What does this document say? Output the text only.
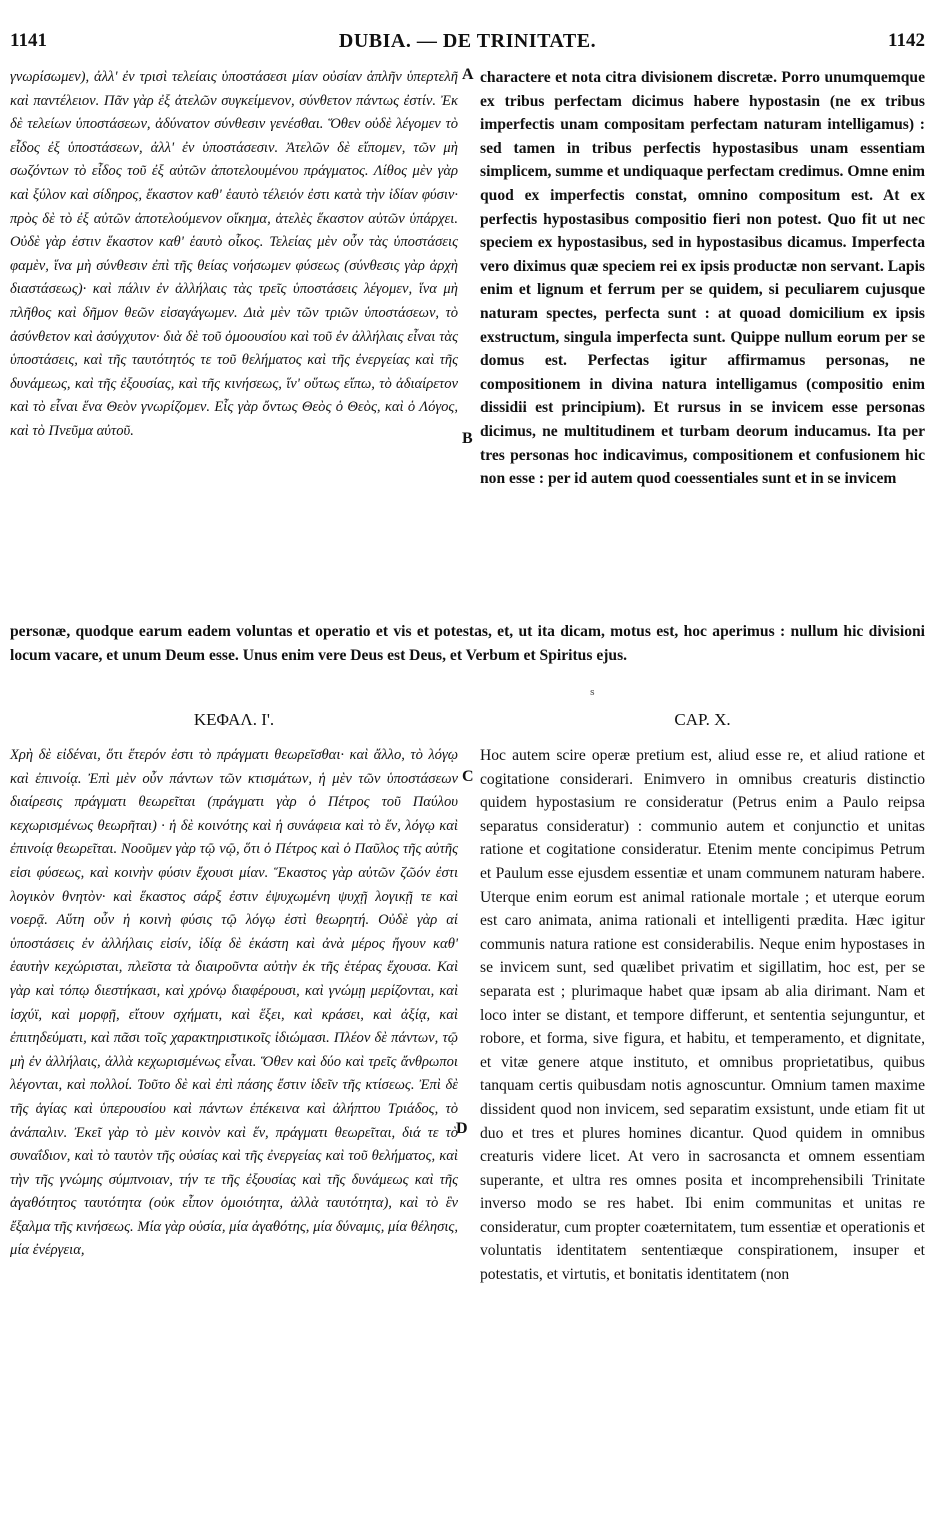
1141	DUBIA. — DE TRINITATE.	1142

γνωρίσωμεν), ἀλλ' ἐν τρισὶ τελείαις ὑποστάσεσι μίαν οὐσίαν ἁπλῆν ὑπερτελῆ καὶ παντέλειον. Πᾶν γὰρ ἐξ ἀτελῶν συγκείμενον, σύνθετον πάντως ἐστίν. Ἐκ δὲ τελείων ὑποστάσεων, ἀδύνατον σύνθεσιν γενέσθαι. Ὅθεν οὐδὲ λέγομεν τὸ εἶδος ἐξ ὑποστάσεων, ἀλλ' ἐν ὑποστάσεσιν. Ἀτελῶν δὲ εἴπομεν, τῶν μὴ σωζόντων τὸ εἶδος τοῦ ἐξ αὐτῶν ἀποτελουμένου πράγματος. Λίθος μὲν γὰρ καὶ ξύλον καὶ σίδηρος, ἕκαστον καθ' ἑαυτὸ τέλειόν ἐστι κατὰ τὴν ἰδίαν φύσιν· πρὸς δὲ τὸ ἐξ αὐτῶν ἀποτελούμενον οἴκημα, ἀτελὲς ἕκαστον αὐτῶν ὑπάρχει. Οὐδὲ γὰρ ἐστιν ἕκαστον καθ' ἑαυτὸ οἶκος. Τελείας μὲν οὖν τὰς ὑποστάσεις φαμὲν, ἵνα μὴ σύνθεσιν ἐπὶ τῆς θείας νοήσωμεν φύσεως (σύνθεσις γὰρ ἀρχὴ διαστάσεως)· καὶ πάλιν ἐν ἀλλήλαις τὰς τρεῖς ὑποστάσεις λέγομεν, ἵνα μὴ πλῆθος καὶ δῆμον θεῶν εἰσαγάγωμεν. Διὰ μὲν τῶν τριῶν ὑποστάσεων, τὸ ἀσύνθετον καὶ ἀσύγχυτον· διὰ δὲ τοῦ ὁμοουσίου καὶ τοῦ ἐν ἀλλήλαις εἶναι τὰς ὑποστάσεις, καὶ τῆς ταυτότητός τε τοῦ θελήματος καὶ τῆς ἐνεργείας καὶ τῆς δυνάμεως, καὶ τῆς ἐξουσίας, καὶ τῆς κινήσεως, ἵν' οὕτως εἴπω, τὸ ἀδιαίρετον καὶ τὸ εἶναι ἕνα Θεὸν γνωρίζομεν. Εἷς γὰρ ὄντως Θεὸς ὁ Θεὸς, καὶ ὁ Λόγος, καὶ τὸ Πνεῦμα αὐτοῦ.

charactere et nota citra divisionem discretæ. Porro unumquemque ex tribus perfectam dicimus habere hypostasin (ne ex tribus imperfectis unam compositam perfectam naturam intelligamus) : sed tamen in tribus perfectis hypostasibus unam essentiam simplicem, summe et undiquaque perfectam credimus. Omne enim quod ex imperfectis constat, omnino compositum est. At ex perfectis hypostasibus compositio fieri non potest. Quo fit ut nec speciem ex hypostasibus, sed in hypostasibus dicamus. Imperfecta vero diximus quæ speciem rei ex ipsis productæ non servant. Lapis enim et lignum et ferrum per se quidem, si peculiarem cujusque naturam spectes, perfecta sunt : at quoad domicilium ex ipsis exstructum, singula imperfecta sunt. Quippe nullum eorum per se domus est. Perfectas igitur affirmamus personas, ne compositionem in divina natura intelligamus (compositio enim dissidii est principium). Et rursus in se invicem esse personas dicimus, ne multitudinem et turbam deorum inducamus. Ita per tres personas hoc indicavimus, compositionem et confusionem hic non esse : per id autem quod coessentiales sunt et in se invicem

personæ, quodque earum eadem voluntas et operatio et vis et potestas, et, ut ita dicam, motus est, hoc aperimus : nullum hic divisioni locum vacare, et unum Deum esse. Unus enim vere Deus est Deus, et Verbum et Spiritus ejus.

A
B
C
D
s
ΚΕΦΑΛ. Ι'.	CAP. X.

Χρὴ δὲ εἰδέναι, ὅτι ἕτερόν ἐστι τὸ πράγματι θεωρεῖσθαι· καὶ ἄλλο, τὸ λόγῳ καὶ ἐπινοίᾳ. Ἐπὶ μὲν οὖν πάντων τῶν κτισμάτων, ἡ μὲν τῶν ὑποστάσεων διαίρεσις πράγματι θεωρεῖται (πράγματι γὰρ ὁ Πέτρος τοῦ Παύλου κεχωρισμένως θεωρῆται) · ἡ δὲ κοινότης καὶ ἡ συνάφεια καὶ τὸ ἕν, λόγῳ καὶ ἐπινοίᾳ θεωρεῖται. Νοοῦμεν γὰρ τῷ νῷ, ὅτι ὁ Πέτρος καὶ ὁ Παῦλος τῆς αὐτῆς εἰσι φύσεως, καὶ κοινὴν φύσιν ἔχουσι μίαν. Ἕκαστος γὰρ αὐτῶν ζῶόν ἐστι λογικὸν θνητὸν· καὶ ἕκαστος σάρξ ἐστιν ἐψυχωμένη ψυχῇ λογικῇ τε καὶ νοερᾷ. Αὕτη οὖν ἡ κοινὴ φύσις τῷ λόγῳ ἐστὶ θεωρητή. Οὐδὲ γὰρ αἱ ὑποστάσεις ἐν ἀλλήλαις εἰσίν, ἰδίᾳ δὲ ἑκάστη καὶ ἀνὰ μέρος ἤγουν καθ' ἑαυτὴν κεχώρισται, πλεῖστα τὰ διαιροῦντα αὐτὴν ἐκ τῆς ἑτέρας ἔχουσα. Καὶ γὰρ καὶ τόπῳ διεστήκασι, καὶ χρόνῳ διαφέρουσι, καὶ γνώμῃ μερίζονται, καὶ ἰσχύϊ, καὶ μορφῇ, εἴτουν σχήματι, καὶ ἕξει, καὶ κράσει, καὶ ἀξίᾳ, καὶ ἐπιτηδεύματι, καὶ πᾶσι τοῖς χαρακτηριστικοῖς ἰδιώμασι. Πλέον δὲ πάντων, τῷ μὴ ἐν ἀλλήλαις, ἀλλὰ κεχωρισμένως εἶναι. Ὅθεν καὶ δύο καὶ τρεῖς ἄνθρωποι λέγονται, καὶ πολλοί. Τοῦτο δὲ καὶ ἐπὶ πάσης ἔστιν ἰδεῖν τῆς κτίσεως. Ἐπὶ δὲ τῆς ἁγίας καὶ ὑπερουσίου καὶ πάντων ἐπέκεινα καὶ ἀλήπτου Τριάδος, τὸ ἀνάπαλιν. Ἐκεῖ γὰρ τὸ μὲν κοινὸν καὶ ἕν, πράγματι θεωρεῖται, διά τε τὸ συναΐδιον, καὶ τὸ ταυτὸν τῆς οὐσίας καὶ τῆς ἐνεργείας καὶ τοῦ θελήματος, καὶ τὴν τῆς γνώμης σύμπνοιαν, τήν τε τῆς ἐξουσίας καὶ τῆς δυνάμεως καὶ τῆς ἀγαθότητος ταυτότητα (οὐκ εἶπον ὁμοιότητα, ἀλλὰ ταυτότητα), καὶ τὸ ἓν ἔξαλμα τῆς κινήσεως. Μία γὰρ οὐσία, μία ἀγαθότης, μία δύναμις, μία θέλησις, μία ἐνέργεια,

Hoc autem scire operæ pretium est, aliud esse re, et aliud ratione et cogitatione considerari. Enimvero in omnibus creaturis distinctio quidem hypostasium re consideratur (Petrus enim a Paulo reipsa separatus consideratur) : communio autem et conjunctio et unitas ratione et cogitatione consideratur. Etenim mente concipimus Petrum et Paulum esse ejusdem essentiæ et unam communem naturam habere. Uterque enim eorum est animal rationale mortale ; et uterque eorum est caro animata, anima rationali et intelligenti prædita. Hæc igitur communis natura ratione est considerabilis. Neque enim hypostases in se invicem sunt, sed quælibet privatim et sigillatim, hoc est, per se separata est ; plurimaque habet quæ ipsam ab alia dirimant. Nam et loco inter se distant, et tempore differunt, et sententia sejunguntur, et robore, et forma, sive figura, et habitu, et temperamento, et dignitate, et vitæ genere atque instituto, et omnibus proprietatibus, quibus tanquam certis quibusdam notis agnoscuntur. Omnium tamen maxime dissident quod non invicem, sed separatim exsistunt, unde etiam fit ut duo et tres et plures homines dicantur. Quod quidem in omnibus creaturis videre licet. At vero in sacrosancta et omnem essentiam superante, et ultra res omnes posita et incomprehensibili Trinitate inverso modo se res habet. Ibi enim communitas et unitas re consideratur, cum propter coæternitatem, tum essentiæ et operationis et voluntatis identitatem sententiæque conspirationem, insuper et potestatis, et virtutis, et bonitatis identitatem (non
